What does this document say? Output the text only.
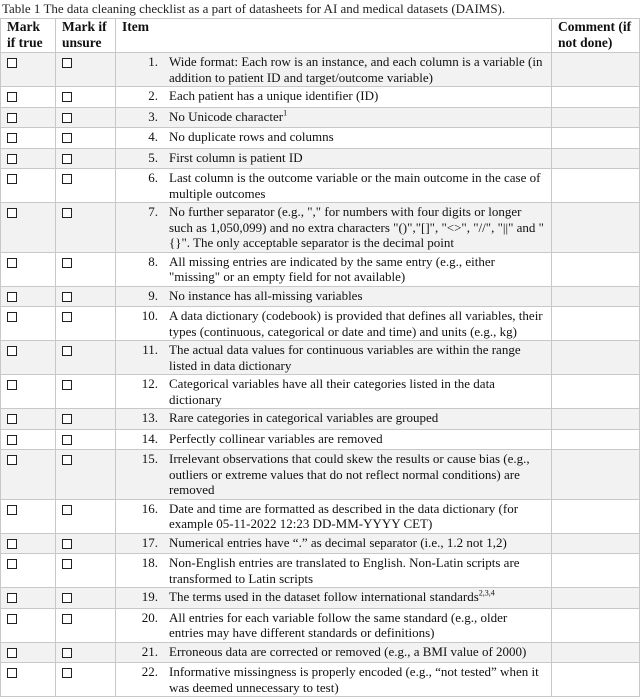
Table 1 The data cleaning checklist as a part of datasheets for AI and medical datasets (DAIMS).
Mark if true	Mark if unsure	Item	Comment (if not done)

		1. Wide format: Each row is an instance, and each column is a variable (in addition to patient ID and target/outcome variable)	

		2. Each patient has a unique identifier (ID)	

		3. No Unicode character$^1$

		4. No duplicate rows and columns	

		5. First column is patient ID	

		6. Last column is the outcome variable or the main outcome in the case of multiple outcomes	

		7. No further separator (e.g., "," for numbers with four digits or longer such as 1,050,099) and no extra characters "()","[]", "<>", "//", "||" and "{}". The only acceptable separator is the decimal point	

		8. All missing entries are indicated by the same entry (e.g., either "missing" or an empty field for not available)	

		9. No instance has all-missing variables	

		10. A data dictionary (codebook) is provided that defines all variables, their types (continuous, categorical or date and time) and units (e.g., kg)	

		11. The actual data values for continuous variables are within the range listed in data dictionary	

		12. Categorical variables have all their categories listed in the data dictionary	

		13. Rare categories in categorical variables are grouped	

		14. Perfectly collinear variables are removed	

		15. Irrelevant observations that could skew the results or cause bias (e.g., outliers or extreme values that do not reflect normal conditions) are removed	

		16. Date and time are formatted as described in the data dictionary (for example 05-11-2022 12:23 DD-MM-YYYY CET)	

		17. Numerical entries have “.” as decimal separator (i.e., 1.2 not 1,2)	

		18. Non-English entries are translated to English. Non-Latin scripts are transformed to Latin scripts	

		19. The terms used in the dataset follow international standards$^{2,3,4}$

		20. All entries for each variable follow the same standard (e.g., older entries may have different standards or definitions)	

		21. Erroneous data are corrected or removed (e.g., a BMI value of 2000)	

		22. Informative missingness is properly encoded (e.g., “not tested” when it was deemed unnecessary to test)	
